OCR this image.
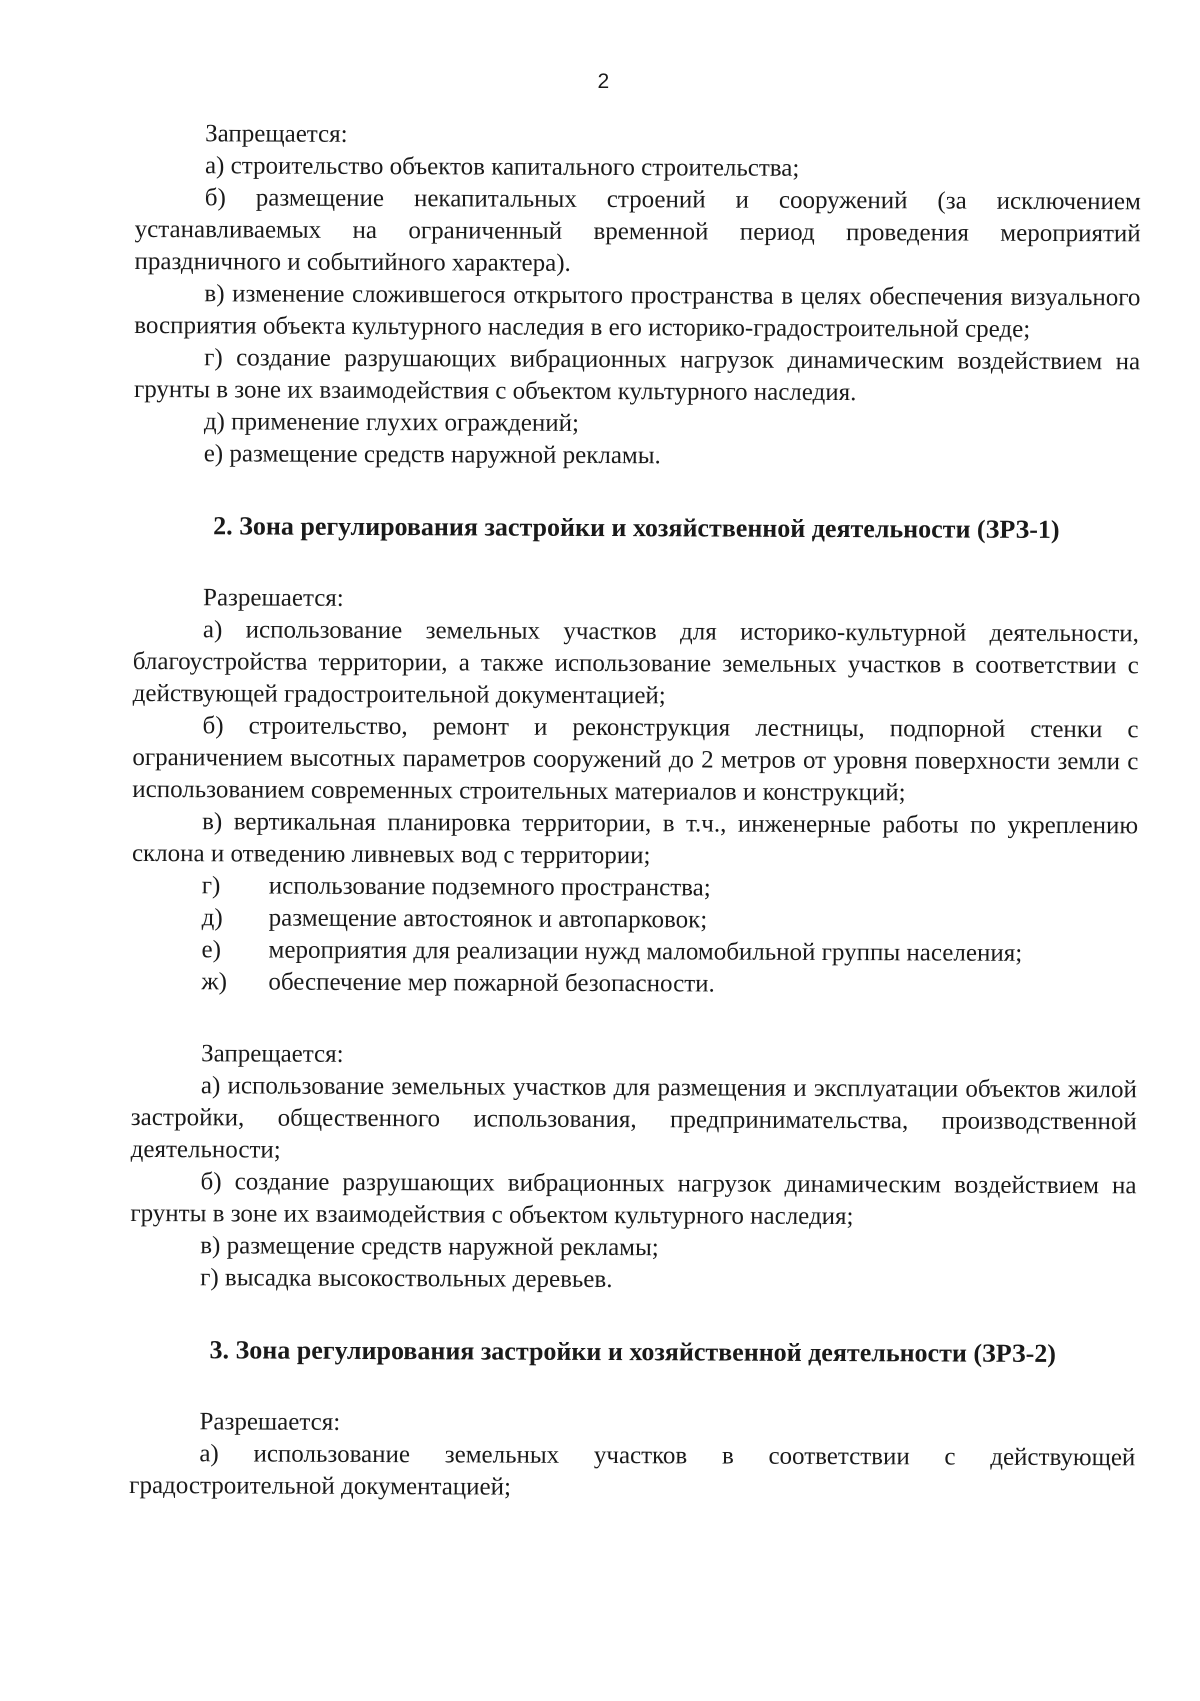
2

Запрещается:

а) строительство объектов капитального строительства;

б) размещение некапитальных строений и сооружений (за исключением устанавливаемых на ограниченный временной период проведения мероприятий праздничного и событийного характера).

в) изменение сложившегося открытого пространства в целях обеспечения визуального восприятия объекта культурного наследия в его историко-градостроительной среде;

г) создание разрушающих вибрационных нагрузок динамическим воздействием на грунты в зоне их взаимодействия с объектом культурного наследия.

д) применение глухих ограждений;

е) размещение средств наружной рекламы.

2. Зона регулирования застройки и хозяйственной деятельности (ЗРЗ-1)

Разрешается:

а) использование земельных участков для историко-культурной деятельности, благоустройства территории, а также использование земельных участков в соответствии с действующей градостроительной документацией;

б) строительство, ремонт и реконструкция лестницы, подпорной стенки с ограничением высотных параметров сооружений до 2 метров от уровня поверхности земли с использованием современных строительных материалов и конструкций;

в) вертикальная планировка территории, в т.ч., инженерные работы по укреплению склона и отведению ливневых вод с территории;

г)	использование подземного пространства;
д)	размещение автостоянок и автопарковок;
е)	мероприятия для реализации нужд маломобильной группы населения;
ж)	обеспечение мер пожарной безопасности.

Запрещается:

а) использование земельных участков для размещения и эксплуатации объектов жилой застройки, общественного использования, предпринимательства, производственной деятельности;

б) создание разрушающих вибрационных нагрузок динамическим воздействием на грунты в зоне их взаимодействия с объектом культурного наследия;

в) размещение средств наружной рекламы;

г) высадка высокоствольных деревьев.

3. Зона регулирования застройки и хозяйственной деятельности (ЗРЗ-2)

Разрешается:

а) использование земельных участков в соответствии с действующей градостроительной документацией;
